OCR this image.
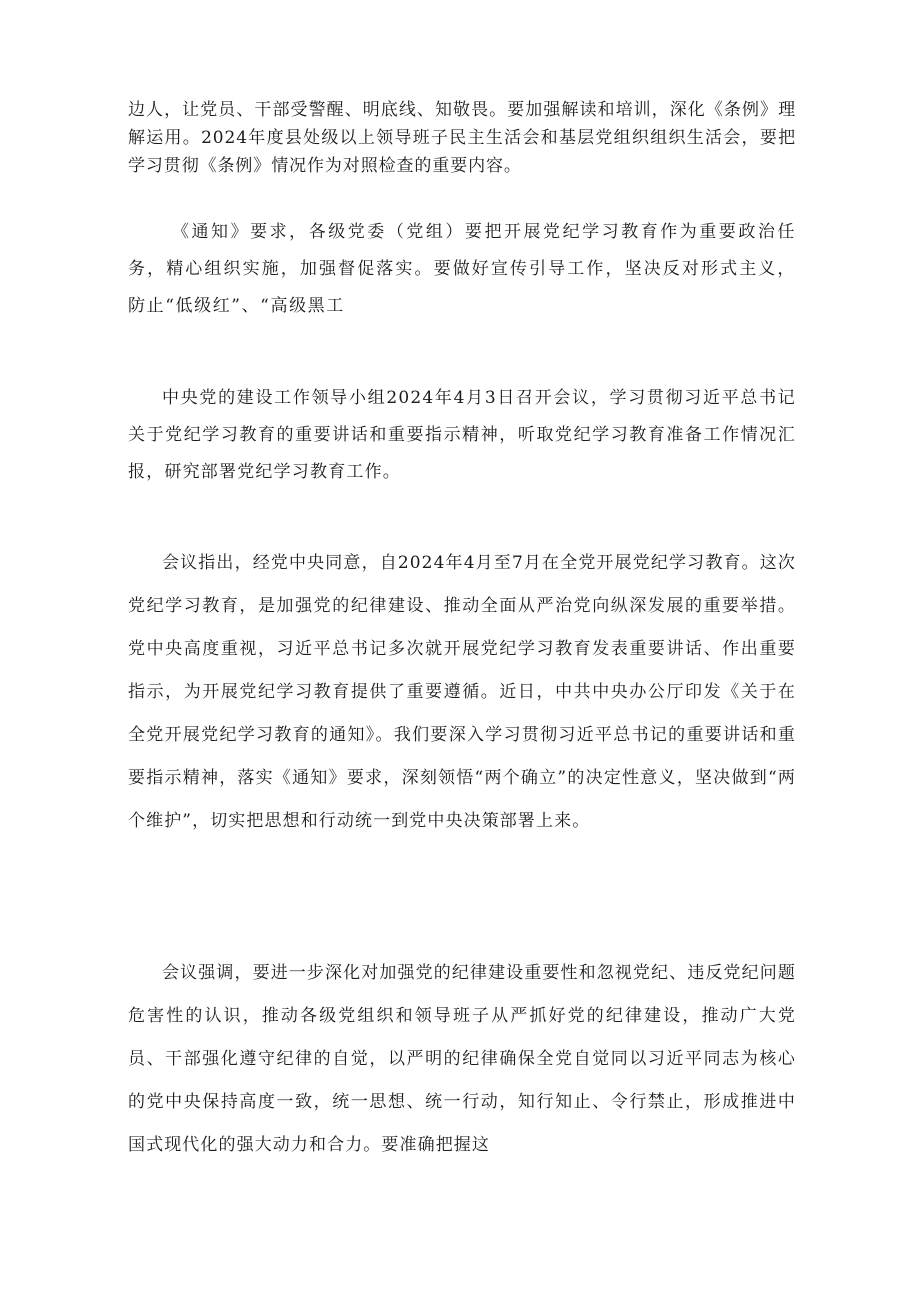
边人，让党员、干部受警醒、明底线、知敬畏。要加强解读和培训，深化《条例》理解运用。2024年度县处级以上领导班子民主生活会和基层党组织组织生活会，要把学习贯彻《条例》情况作为对照检查的重要内容。

《通知》要求，各级党委（党组）要把开展党纪学习教育作为重要政治任务，精心组织实施，加强督促落实。要做好宣传引导工作，坚决反对形式主义，防止“低级红”、“高级黑工

中央党的建设工作领导小组2024年4月3日召开会议，学习贯彻习近平总书记关于党纪学习教育的重要讲话和重要指示精神，听取党纪学习教育准备工作情况汇报，研究部署党纪学习教育工作。

会议指出，经党中央同意，自2024年4月至7月在全党开展党纪学习教育。这次党纪学习教育，是加强党的纪律建设、推动全面从严治党向纵深发展的重要举措。党中央高度重视，习近平总书记多次就开展党纪学习教育发表重要讲话、作出重要指示，为开展党纪学习教育提供了重要遵循。近日，中共中央办公厅印发《关于在全党开展党纪学习教育的通知》。我们要深入学习贯彻习近平总书记的重要讲话和重要指示精神，落实《通知》要求，深刻领悟“两个确立”的决定性意义，坚决做到“两个维护”，切实把思想和行动统一到党中央决策部署上来。

会议强调，要进一步深化对加强党的纪律建设重要性和忽视党纪、违反党纪问题危害性的认识，推动各级党组织和领导班子从严抓好党的纪律建设，推动广大党员、干部强化遵守纪律的自觉，以严明的纪律确保全党自觉同以习近平同志为核心的党中央保持高度一致，统一思想、统一行动，知行知止、令行禁止，形成推进中国式现代化的强大动力和合力。要准确把握这
